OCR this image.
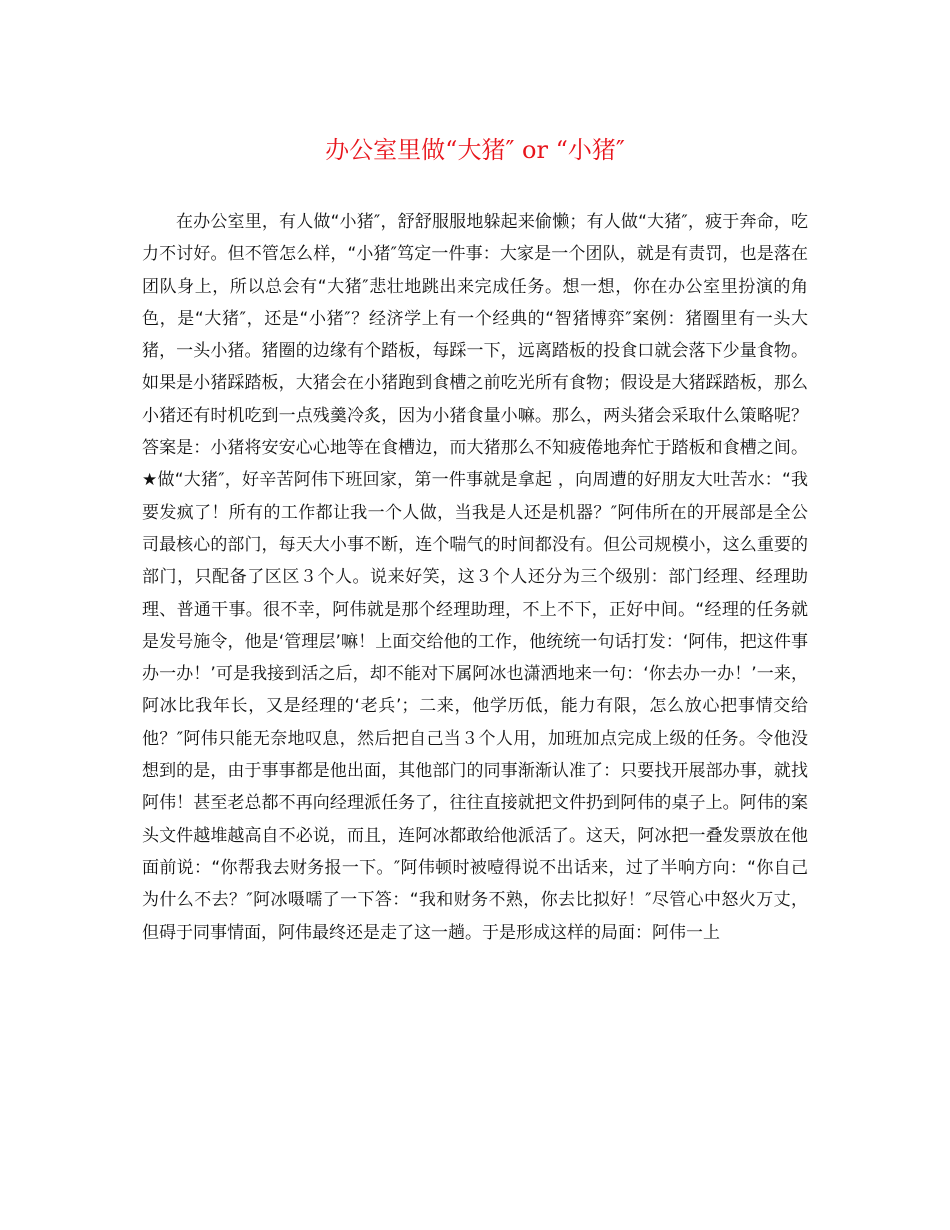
办公室里做“大猪″ or “小猪″

在办公室里，有人做“小猪″，舒舒服服地躲起来偷懒；有人做“大猪″，疲于奔命，吃力不讨好。但不管怎么样，“小猪″笃定一件事：大家是一个团队，就是有责罚，也是落在团队身上，所以总会有“大猪″悲壮地跳出来完成任务。想一想，你在办公室里扮演的角色，是“大猪″，还是“小猪″？经济学上有一个经典的“智猪博弈″案例：猪圈里有一头大猪，一头小猪。猪圈的边缘有个踏板，每踩一下，远离踏板的投食口就会落下少量食物。如果是小猪踩踏板，大猪会在小猪跑到食槽之前吃光所有食物；假设是大猪踩踏板，那么小猪还有时机吃到一点残羹冷炙，因为小猪食量小嘛。那么，两头猪会采取什么策略呢？答案是：小猪将安安心心地等在食槽边，而大猪那么不知疲倦地奔忙于踏板和食槽之间。★做“大猪″，好辛苦阿伟下班回家，第一件事就是拿起 ，向周遭的好朋友大吐苦水：“我要发疯了！所有的工作都让我一个人做，当我是人还是机器？″阿伟所在的开展部是全公司最核心的部门，每天大小事不断，连个喘气的时间都没有。但公司规模小，这么重要的部门，只配备了区区３个人。说来好笑，这３个人还分为三个级别：部门经理、经理助理、普通干事。很不幸，阿伟就是那个经理助理，不上不下，正好中间。“经理的任务就是发号施令，他是‘管理层’嘛！上面交给他的工作，他统统一句话打发：‘阿伟，把这件事办一办！’可是我接到活之后，却不能对下属阿冰也潇洒地来一句：‘你去办一办！’一来，阿冰比我年长，又是经理的‘老兵’；二来，他学历低，能力有限，怎么放心把事情交给他？″阿伟只能无奈地叹息，然后把自己当３个人用，加班加点完成上级的任务。令他没想到的是，由于事事都是他出面，其他部门的同事渐渐认准了：只要找开展部办事，就找阿伟！甚至老总都不再向经理派任务了，往往直接就把文件扔到阿伟的桌子上。阿伟的案头文件越堆越高自不必说，而且，连阿冰都敢给他派活了。这天，阿冰把一叠发票放在他面前说：“你帮我去财务报一下。″阿伟顿时被噎得说不出话来，过了半响方向：“你自己为什么不去？″阿冰嗫嚅了一下答：“我和财务不熟，你去比拟好！″尽管心中怒火万丈，但碍于同事情面，阿伟最终还是走了这一趟。于是形成这样的局面：阿伟一上
